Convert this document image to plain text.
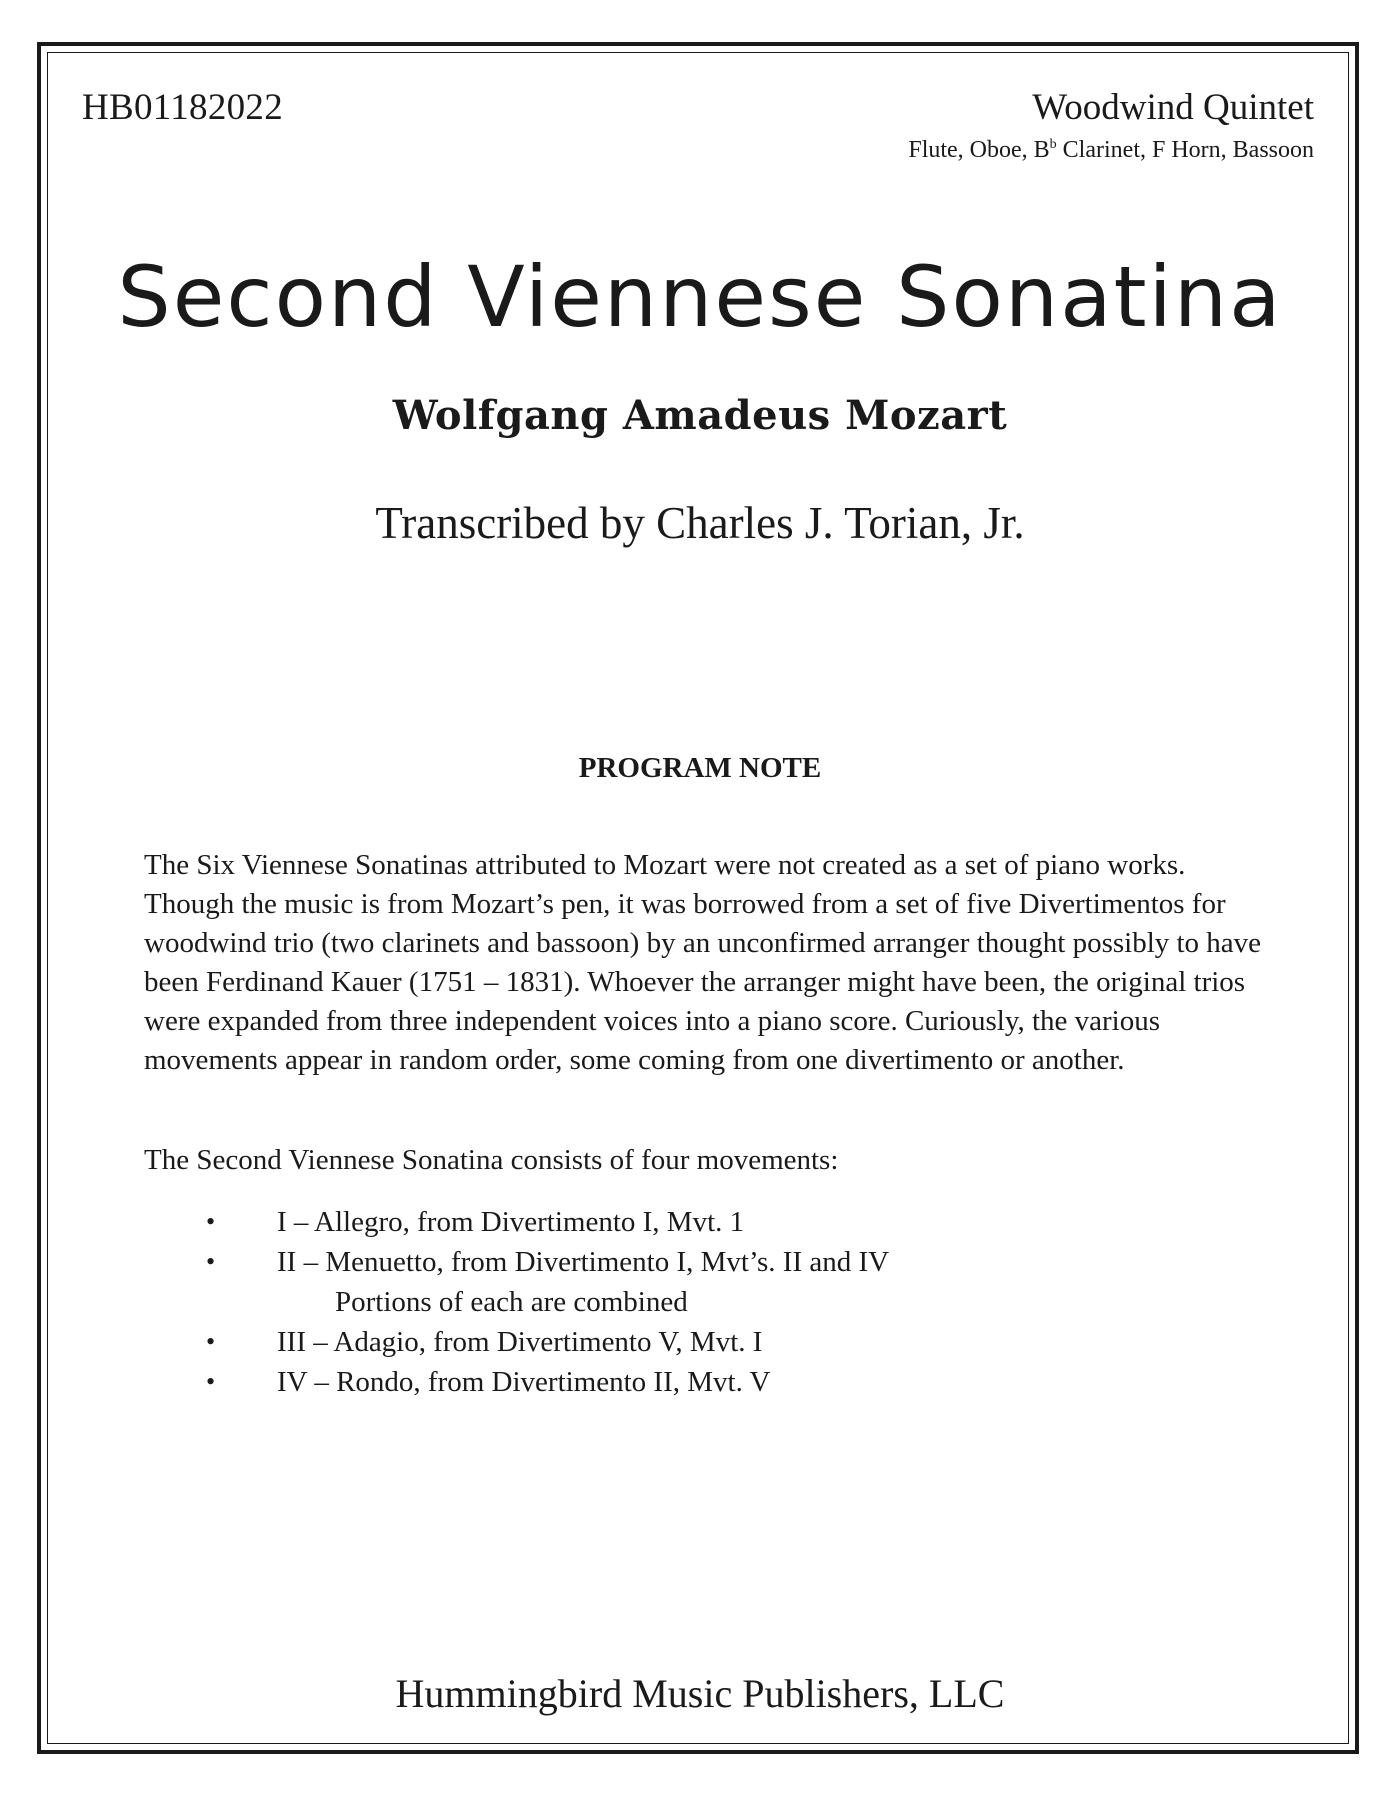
HB01182022	Woodwind Quintet
Flute, Oboe, $B^b$ Clarinet, F Horn, Bassoon
Second Viennese Sonatina
Wolfgang Amadeus Mozart
Transcribed by Charles J. Torian, Jr.
PROGRAM NOTE
The Six Viennese Sonatinas attributed to Mozart were not created as a set of piano works. Though the music is from Mozart’s pen, it was borrowed from a set of five Divertimentos for woodwind trio (two clarinets and bassoon) by an unconfirmed arranger thought possibly to have been Ferdinand Kauer (1751 – 1831). Whoever the arranger might have been, the original trios were expanded from three independent voices into a piano score. Curiously, the various movements appear in random order, some coming from one divertimento or another.
The Second Viennese Sonatina consists of four movements:
• I – Allegro, from Divertimento I, Mvt. 1
• II – Menuetto, from Divertimento I, Mvt’s. II and IV
Portions of each are combined
• III – Adagio, from Divertimento V, Mvt. I
• IV – Rondo, from Divertimento II, Mvt. V
Hummingbird Music Publishers, LLC
